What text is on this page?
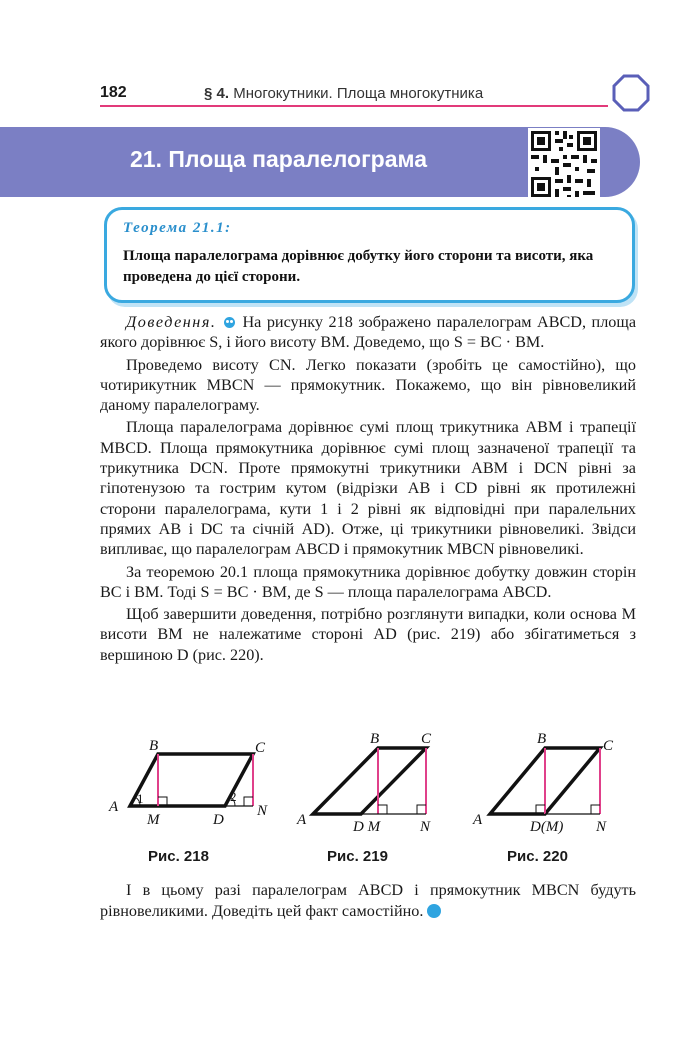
182	§ 4. Многокутники. Площа многокутника
21. Площа паралелограма
Теорема 21.1:
Площа паралелограма дорівнює добутку його сторони та висоти, яка проведена до цієї сторони.

Доведення. На рисунку 218 зображено паралелограм ABCD, площа якого дорівнює S, і його висоту BM. Доведемо, що S = BC · BM.

Проведемо висоту CN. Легко показати (зробіть це самостійно), що чотирикутник MBCN — прямокутник. Покажемо, що він рівновеликий даному паралелограму.

Площа паралелограма дорівнює сумі площ трикутника ABM і трапеції MBCD. Площа прямокутника дорівнює сумі площ зазначеної трапеції та трикутника DCN. Проте прямокутні трикутники ABM і DCN рівні за гіпотенузою та гострим кутом (відрізки AB і CD рівні як протилежні сторони паралелограма, кути 1 і 2 рівні як відповідні при паралельних прямих AB і DC та січній AD). Отже, ці трикутники рівновеликі. Звідси випливає, що паралелограм ABCD і прямокутник MBCN рівновеликі.

За теоремою 20.1 площа прямокутника дорівнює добутку довжин сторін BC і BM. Тоді S = BC · BM, де S — площа паралелограма ABCD.

Щоб завершити доведення, потрібно розглянути випадки, коли основа M висоти BM не належатиме стороні AD (рис. 219) або збігатиметься з вершиною D (рис. 220).

A
B	C
M	D
N
1	2
Рис. 218
A
B	C
D M	N
Рис. 219
A
B	C
D(M) N
Рис. 220
І в цьому разі паралелограм ABCD і прямокутник MBCN будуть рівновеликими. Доведіть цей факт самостійно.
